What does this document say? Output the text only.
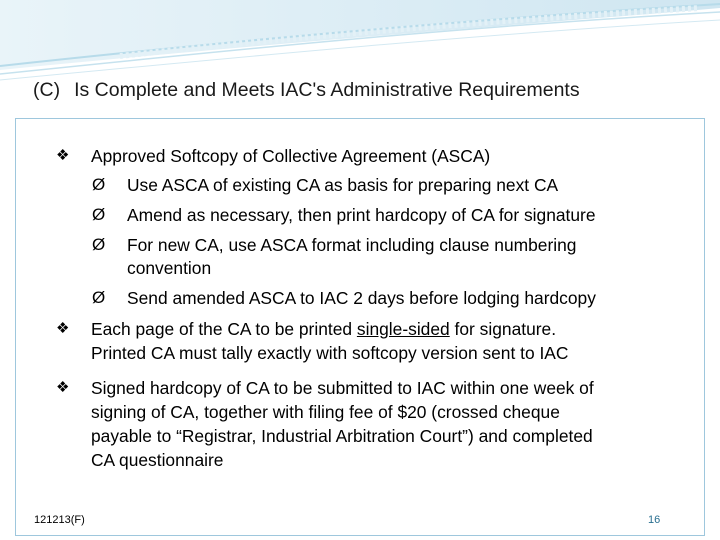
(C) Is Complete and Meets IAC's Administrative Requirements
❖ Approved Softcopy of Collective Agreement (ASCA)
Ø Use ASCA of existing CA as basis for preparing next CA
Ø Amend as necessary, then print hardcopy of CA for signature
Ø For new CA, use ASCA format including clause numbering
convention
Ø Send amended ASCA to IAC 2 days before lodging hardcopy
❖ Each page of the CA to be printed single-sided for signature.
Printed CA must tally exactly with softcopy version sent to IAC
❖ Signed hardcopy of CA to be submitted to IAC within one week of
signing of CA, together with filing fee of $20 (crossed cheque
payable to “Registrar, Industrial Arbitration Court”) and completed
CA questionnaire
121213(F)	16
